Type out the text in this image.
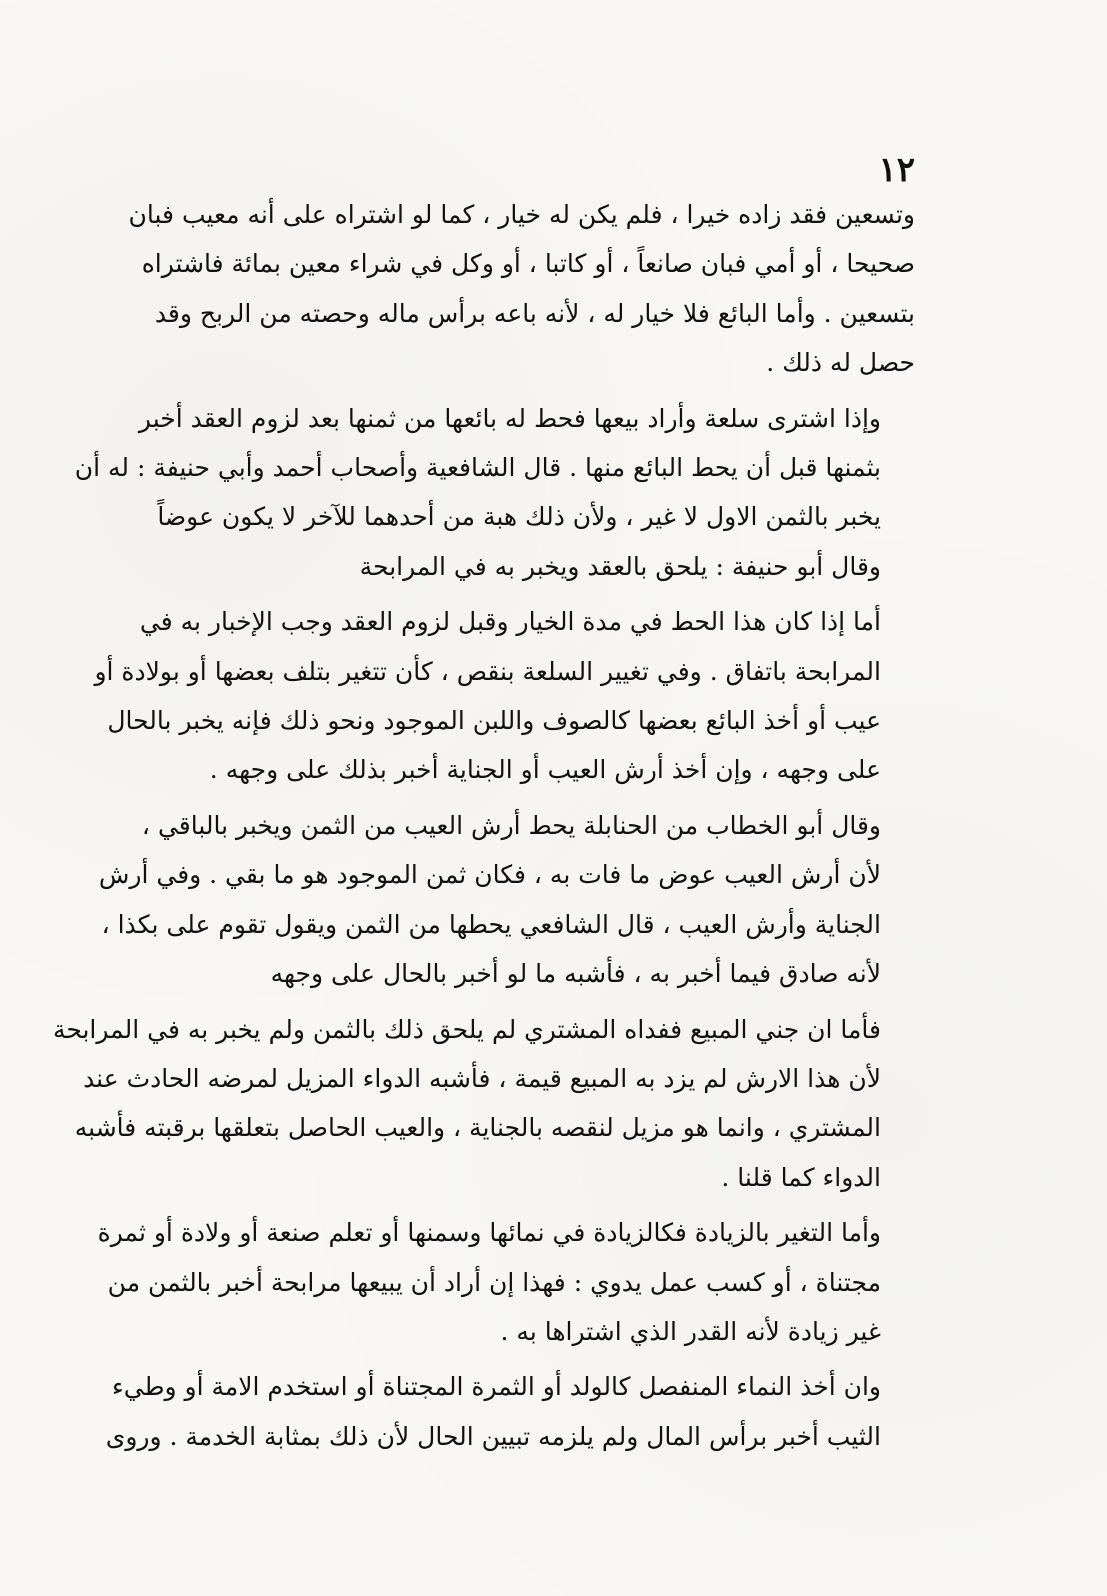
١٢
وتسعين فقد زاده خيرا ، فلم يكن له خيار ، كما لو اشتراه على أنه معيب فبان
صحيحا ، أو أمي فبان صانعاً ، أو كاتبا ، أو وكل في شراء معين بمائة فاشتراه
بتسعين . وأما البائع فلا خيار له ، لأنه باعه برأس ماله وحصته من الربح وقد
حصل له ذلك .
وإذا اشترى سلعة وأراد بيعها فحط له بائعها من ثمنها بعد لزوم العقد أخبر
بثمنها قبل أن يحط البائع منها . قال الشافعية وأصحاب أحمد وأبي حنيفة : له أن
يخبر بالثمن الاول لا غير ، ولأن ذلك هبة من أحدهما للآخر لا يكون عوضاً
وقال أبو حنيفة : يلحق بالعقد ويخبر به في المرابحة
أما إذا كان هذا الحط في مدة الخيار وقبل لزوم العقد وجب الإخبار به في
المرابحة باتفاق . وفي تغيير السلعة بنقص ، كأن تتغير بتلف بعضها أو بولادة أو
عيب أو أخذ البائع بعضها كالصوف واللبن الموجود ونحو ذلك فإنه يخبر بالحال
على وجهه ، وإن أخذ أرش العيب أو الجناية أخبر بذلك على وجهه .
وقال أبو الخطاب من الحنابلة يحط أرش العيب من الثمن ويخبر بالباقي ،
لأن أرش العيب عوض ما فات به ، فكان ثمن الموجود هو ما بقي . وفي أرش
الجناية وأرش العيب ، قال الشافعي يحطها من الثمن ويقول تقوم على بكذا ،
لأنه صادق فيما أخبر به ، فأشبه ما لو أخبر بالحال على وجهه
فأما ان جني المبيع ففداه المشتري لم يلحق ذلك بالثمن ولم يخبر به في المرابحة
لأن هذا الارش لم يزد به المبيع قيمة ، فأشبه الدواء المزيل لمرضه الحادث عند
المشتري ، وانما هو مزيل لنقصه بالجناية ، والعيب الحاصل بتعلقها برقبته فأشبه
الدواء كما قلنا .
وأما التغير بالزيادة فكالزيادة في نمائها وسمنها أو تعلم صنعة أو ولادة أو ثمرة
مجتناة ، أو كسب عمل يدوي : فهذا إن أراد أن يبيعها مرابحة أخبر بالثمن من
غير زيادة لأنه القدر الذي اشتراها به .
وان أخذ النماء المنفصل كالولد أو الثمرة المجتناة أو استخدم الامة أو وطيء
الثيب أخبر برأس المال ولم يلزمه تبيين الحال لأن ذلك بمثابة الخدمة . وروى
